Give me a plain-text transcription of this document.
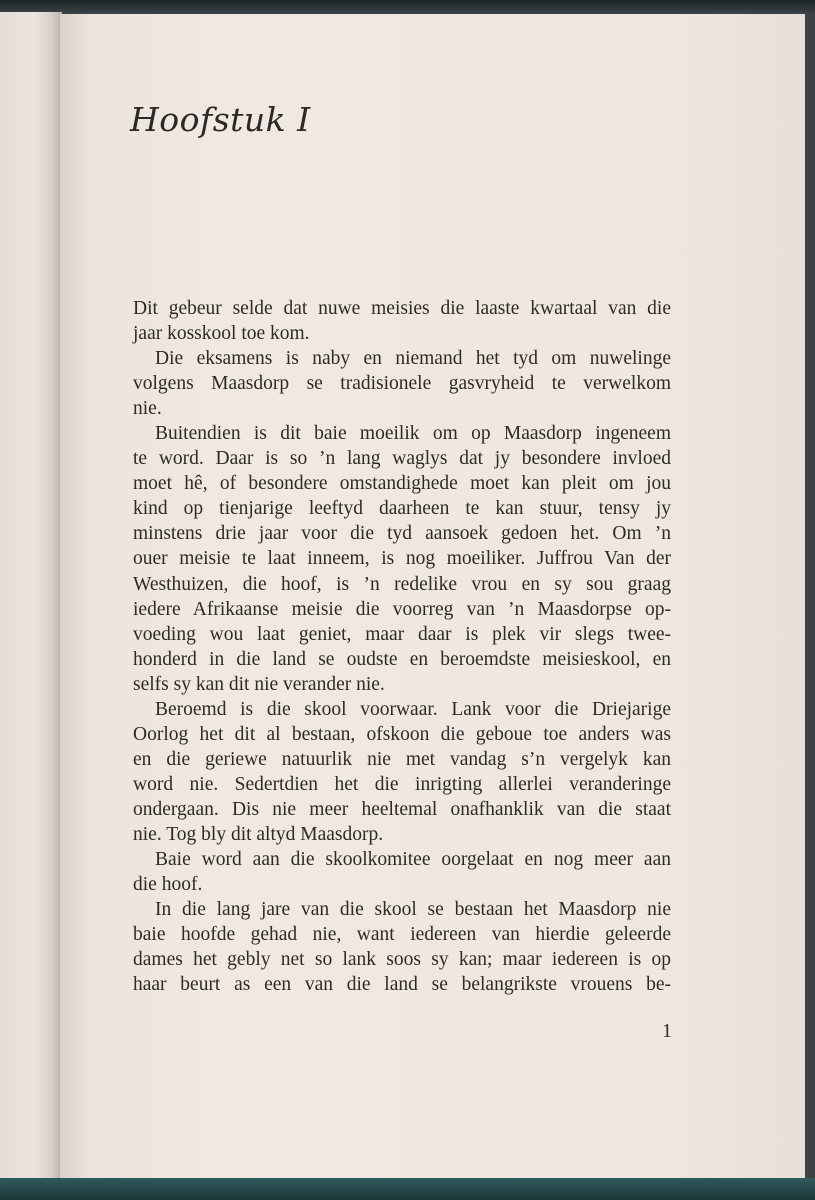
Hoofstuk I
Dit gebeur selde dat nuwe meisies die laaste kwartaal van die
jaar kosskool toe kom.
Die eksamens is naby en niemand het tyd om nuwelinge
volgens Maasdorp se tradisionele gasvryheid te verwelkom
nie.
Buitendien is dit baie moeilik om op Maasdorp ingeneem
te word. Daar is so ’n lang waglys dat jy besondere invloed
moet hê, of besondere omstandighede moet kan pleit om jou
kind op tienjarige leeftyd daarheen te kan stuur, tensy jy
minstens drie jaar voor die tyd aansoek gedoen het. Om ’n
ouer meisie te laat inneem, is nog moeiliker. Juffrou Van der
Westhuizen, die hoof, is ’n redelike vrou en sy sou graag
iedere Afrikaanse meisie die voorreg van ’n Maasdorpse op-
voeding wou laat geniet, maar daar is plek vir slegs twee-
honderd in die land se oudste en beroemdste meisieskool, en
selfs sy kan dit nie verander nie.
Beroemd is die skool voorwaar. Lank voor die Driejarige
Oorlog het dit al bestaan, ofskoon die geboue toe anders was
en die geriewe natuurlik nie met vandag s’n vergelyk kan
word nie. Sedertdien het die inrigting allerlei veranderinge
ondergaan. Dis nie meer heeltemal onafhanklik van die staat
nie. Tog bly dit altyd Maasdorp.
Baie word aan die skoolkomitee oorgelaat en nog meer aan
die hoof.
In die lang jare van die skool se bestaan het Maasdorp nie
baie hoofde gehad nie, want iedereen van hierdie geleerde
dames het gebly net so lank soos sy kan; maar iedereen is op
haar beurt as een van die land se belangrikste vrouens be-
1
